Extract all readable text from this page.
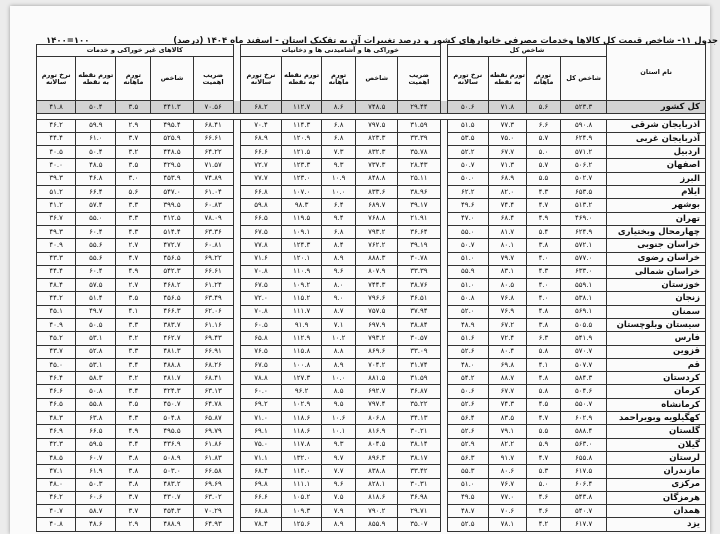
جدول ۱۱- شاخص قیمت کل کالاها وخدمات مصرفی خانوارهای کشور و درصد تغییرات آن به تفکیک استان - اسفند ماه ۱۴۰۴ (درصد)
۱۴۰۰=۱۰۰
نام استان	شاخص کل					خوراکی ها و آشامیدنی ها و دخانیات						کالاهای غیر خوراکی و خدمات				
	شاخص کل	تورم ماهانه	تورم نقطه به نقطه	نرخ تورم سالانه		ضریب اهمیت	شاخص	تورم ماهانه	تورم نقطه به نقطه	نرخ تورم سالانه		ضریب اهمیت	شاخص	تورم ماهانه	تورم نقطه به نقطه	نرخ تورم سالانه
کل کشور	۵۲۳.۳	۵.۶	۷۱.۸	۵۰.۶		۲۹.۴۴	۷۴۸.۵	۸.۶	۱۱۲.۷	۶۸.۲		۷۰.۵۶	۴۴۱.۳	۳.۵	۵۰.۴	۴۱.۸

آذربایجان شرقی	۵۹۰.۸	۶.۶	۷۷.۳	۵۱.۵		۳۱.۵۹	۷۹۷.۵	۶.۸	۱۱۴.۳	۷۰.۴		۶۸.۴۱	۴۹۵.۴	۲.۹	۵۹.۹	۴۶.۲
آذربایجان غربی	۶۲۴.۹	۵.۷	۷۵.۰	۵۳.۵		۳۳.۳۹	۸۲۳.۳	۶.۸	۱۲۰.۹	۶۸.۹		۶۶.۶۱	۵۲۵.۹	۳.۷	۶۱.۰	۴۴.۴
اردبیل	۵۷۱.۲	۵.۰	۶۷.۷	۵۲.۲		۳۵.۷۸	۸۳۲.۳	۷.۳	۱۲۱.۵	۶۶.۶		۶۴.۲۲	۴۴۸.۵	۳.۲	۵۰.۴	۴۰.۵
اصفهان	۵۰۶.۲	۵.۷	۷۱.۳	۵۰.۷		۲۸.۴۳	۷۳۷.۳	۹.۳	۱۲۳.۳	۷۲.۷		۷۱.۵۷	۴۲۹.۵	۳.۵	۴۸.۵	۴۰.۰
البرز	۵۰۲.۷	۵.۵	۶۸.۹	۵۰.۰		۲۵.۱۱	۸۴۸.۸	۱۰.۹	۱۲۳.۰	۷۷.۷		۷۴.۸۹	۴۵۳.۹	۳.۰	۴۶.۸	۳۹.۳
ایلام	۶۵۳.۵	۴.۳	۸۲.۰	۶۲.۲		۳۸.۹۶	۸۳۳.۶	۱۰.۰	۱۰۷.۰	۶۶.۸		۶۱.۰۴	۵۴۷.۰	۵.۶	۶۶.۴	۵۱.۲
بوشهر	۵۱۳.۲	۴.۷	۷۴.۴	۴۹.۶		۳۹.۱۷	۶۸۹.۷	۶.۴	۹۸.۳	۵۹.۸		۶۰.۸۳	۳۹۹.۵	۳.۳	۵۷.۴	۴۱.۲
تهران	۴۶۹.۰	۴.۹	۶۸.۴	۴۷.۰		۲۱.۹۱	۷۶۸.۸	۹.۴	۱۱۹.۵	۶۶.۵		۷۸.۰۹	۴۱۲.۵	۳.۳	۵۵.۰	۳۶.۷
چهارمحال وبختیاری	۶۲۴.۹	۵.۴	۸۱.۷	۵۵.۰		۳۶.۶۴	۷۹۳.۲	۶.۸	۱۰۹.۱	۶۷.۵		۶۳.۳۶	۵۱۴.۴	۴.۳	۶۰.۴	۴۹.۳
خراسان جنوبی	۵۷۲.۱	۳.۸	۸۰.۱	۵۰.۷		۳۹.۱۹	۷۶۲.۲	۸.۴	۱۲۴.۳	۷۷.۸		۶۰.۸۱	۴۷۲.۷	۲.۷	۵۵.۶	۴۰.۹
خراسان رضوی	۵۷۷.۰	۴.۰	۷۹.۷	۵۱.۰		۳۰.۷۸	۸۸۸.۳	۸.۹	۱۲۰.۱	۷۱.۶		۶۹.۲۲	۴۵۶.۵	۴.۷	۵۵.۶	۴۳.۳
خراسان شمالی	۶۳۳.۰	۴.۳	۸۳.۱	۵۵.۹		۳۳.۳۹	۸۰۷.۹	۹.۶	۱۱۰.۹	۷۰.۸		۶۶.۶۱	۵۴۲.۳	۴.۹	۶۰.۴	۴۴.۴
خوزستان	۵۵۹.۱	۴.۰	۸۰.۵	۵۱.۰		۳۸.۷۶	۷۴۴.۳	۸.۰	۱۰۹.۲	۶۷.۵		۶۱.۲۴	۴۶۸.۲	۲.۷	۵۷.۵	۴۸.۴
زنجان	۵۳۸.۱	۴.۰	۷۶.۸	۵۰.۸		۳۶.۵۱	۷۹۶.۶	۹.۰	۱۱۵.۲	۷۲.۰		۶۳.۴۹	۴۵۶.۵	۳.۵	۵۱.۴	۴۴.۲
سمنان	۵۶۹.۱	۴.۸	۷۶.۹	۵۲.۰		۳۷.۹۴	۷۵۷.۵	۸.۷	۱۱۱.۷	۷۰.۸		۶۲.۰۶	۴۶۶.۳	۴.۱	۴۹.۷	۴۵.۱
سیستان وبلوچستان	۵۰۵.۵	۳.۸	۶۷.۲	۴۸.۹		۳۸.۸۴	۶۹۷.۹	۷.۱	۹۱.۹	۶۰.۵		۶۱.۱۶	۳۸۳.۷	۳.۳	۵۰.۵	۴۰.۹
فارس	۵۴۱.۹	۶.۳	۷۲.۴	۵۱.۶		۳۰.۵۷	۷۹۳.۲	۱۰.۲	۱۱۲.۹	۶۵.۸		۶۹.۴۳	۴۶۲.۷	۳.۲	۵۳.۱	۴۵.۲
قزوین	۵۷۰.۷	۵.۸	۸۰.۴	۵۲.۶		۳۳.۰۹	۸۶۹.۶	۸.۸	۱۱۵.۸	۷۶.۵		۶۶.۹۱	۴۸۱.۳	۳.۳	۵۲.۸	۴۳.۷
قم	۵۰۷.۷	۴.۱	۶۹.۸	۴۸.۰		۳۱.۷۴	۷۰۴.۲	۸.۹	۱۰۰.۸	۶۷.۵		۶۸.۲۶	۴۸۸.۸	۳.۴	۵۳.۱	۴۵.۰
کردستان	۵۸۴.۳	۴.۸	۸۸.۷	۵۴.۲		۳۱.۵۹	۸۸۱.۵	۱۰.۰	۱۲۷.۳	۷۸.۸		۶۸.۴۱	۴۸۱.۷	۳.۲	۵۸.۳	۴۶.۴
کرمان	۵۰۴.۶	۵.۸	۶۷.۷	۵۰.۶		۳۶.۸۷	۶۹۲.۷	۸.۵	۹۶.۲	۶۰.۰		۶۳.۱۳	۴۲۴.۳	۳.۴	۵۰.۸	۴۶.۶
کرمانشاه	۵۵۰.۷	۴.۵	۷۴.۳	۵۲.۶		۳۵.۲۲	۷۹۷.۴	۹.۵	۱۰۲.۹	۶۹.۲		۶۴.۷۸	۴۵۰.۷	۳.۵	۵۵.۸	۴۶.۵
کهگیلویه وبویراحمد	۶۰۲.۹	۴.۷	۸۳.۵	۵۶.۴		۳۴.۱۳	۸۰۶.۸	۱۰.۶	۱۱۸.۶	۷۱.۰		۶۵.۸۷	۵۰۴.۸	۴.۳	۶۳.۸	۴۸.۳
گلستان	۵۸۸.۴	۵.۵	۷۹.۱	۵۲.۶		۳۰.۲۱	۸۱۶.۹	۱۰.۱	۱۱۸.۶	۶۹.۱		۶۹.۷۹	۴۹۵.۵	۴.۹	۶۶.۵	۴۶.۹
گیلان	۵۶۳.۰	۵.۹	۸۲.۲	۵۲.۹		۳۸.۱۴	۸۰۴.۵	۹.۳	۱۱۷.۸	۷۵.۰		۶۱.۸۶	۴۳۶.۹	۳.۴	۵۹.۵	۴۲.۳
لرستان	۶۵۵.۸	۴.۷	۹۱.۷	۵۶.۳		۳۸.۱۷	۸۹۶.۳	۹.۷	۱۳۲.۰	۷۱.۱		۶۱.۸۳	۵۰۸.۹	۳.۸	۶۰.۷	۴۸.۵
مازندران	۶۱۷.۵	۵.۳	۸۰.۶	۵۵.۳		۳۳.۴۲	۸۳۸.۸	۷.۷	۱۱۳.۰	۶۸.۴		۶۶.۵۸	۵۰۳.۰	۳.۸	۶۱.۹	۴۷.۱
مرکزی	۶۰۶.۴	۵.۰	۷۶.۷	۵۱.۰		۳۰.۳۱	۸۲۸.۱	۹.۶	۱۱۱.۱	۶۹.۸		۶۹.۶۹	۴۸۳.۲	۳.۸	۵۰.۳	۴۸.۰
هرمزگان	۵۴۳.۸	۴.۶	۷۷.۰	۴۹.۵		۳۶.۹۸	۸۱۸.۶	۷.۵	۱۰۵.۲	۶۶.۶		۶۳.۰۲	۴۳۰.۷	۳.۷	۶۰.۶	۴۶.۲
همدان	۵۴۰.۷	۴.۶	۷۰.۶	۴۸.۷		۲۹.۷۱	۷۹۰.۲	۷.۹	۱۰۹.۳	۶۸.۸		۷۰.۲۹	۴۵۴.۳	۳.۷	۵۸.۷	۴۰.۷
یزد	۶۱۷.۷	۴.۲	۷۸.۱	۵۲.۵		۳۵.۰۷	۸۵۵.۹	۸.۹	۱۲۵.۶	۷۸.۴		۶۴.۹۳	۴۸۸.۹	۲.۹	۴۸.۶	۴۰.۸
